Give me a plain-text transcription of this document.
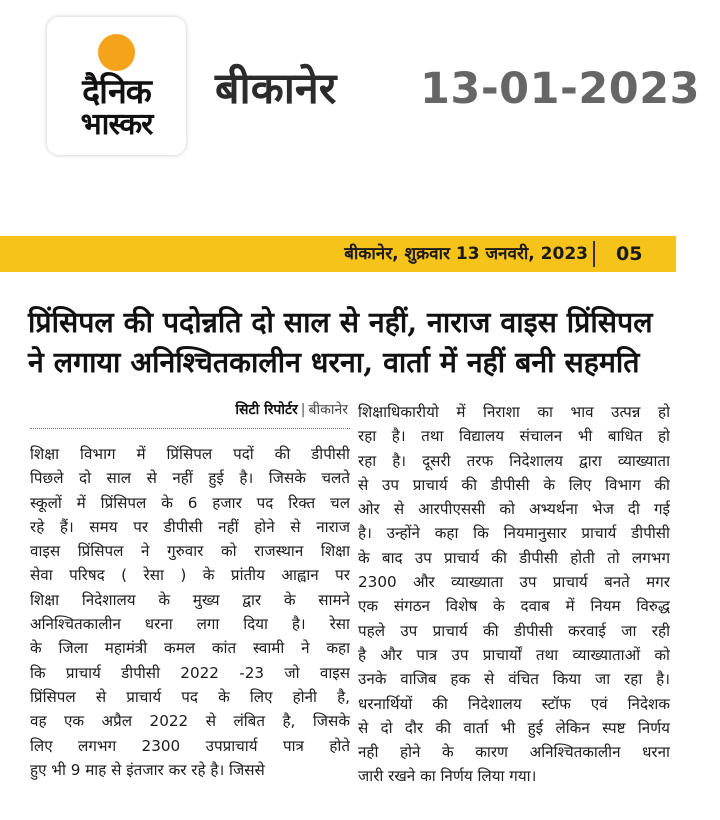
दैनिक
भास्कर
बीकानेर 13-01-2023
बीकानेर, शुक्रवार 13 जनवरी, 2023 05
प्रिंसिपल की पदोन्नति दो साल से नहीं, नाराज वाइस प्रिंसिपल
ने लगाया अनिश्चितकालीन धरना, वार्ता में नहीं बनी सहमति
सिटी रिपोर्टर | बीकानेर
शिक्षा विभाग में प्रिंसिपल पदों की डीपीसी
पिछले दो साल से नहीं हुई है। जिसके चलते
स्कूलों में प्रिंसिपल के 6 हजार पद रिक्त चल
रहे हैं। समय पर डीपीसी नहीं होने से नाराज
वाइस प्रिंसिपल ने गुरुवार को राजस्थान शिक्षा
सेवा परिषद ( रेसा ) के प्रांतीय आह्वान पर
शिक्षा निदेशालय के मुख्य द्वार के सामने
अनिश्चितकालीन धरना लगा दिया है। रेसा
के जिला महामंत्री कमल कांत स्वामी ने कहा
कि प्राचार्य डीपीसी 2022 -23 जो वाइस
प्रिंसिपल से प्राचार्य पद के लिए होनी है,
वह एक अप्रैल 2022 से लंबित है, जिसके
लिए लगभग 2300 उपप्राचार्य पात्र होते
हुए भी 9 माह से इंतजार कर रहे है। जिससे
शिक्षाधिकारीयो में निराशा का भाव उत्पन्न हो
रहा है। तथा विद्यालय संचालन भी बाधित हो
रहा है। दूसरी तरफ निदेशालय द्वारा व्याख्याता
से उप प्राचार्य की डीपीसी के लिए विभाग की
ओर से आरपीएससी को अभ्यर्थना भेज दी गई
है। उन्होंने कहा कि नियमानुसार प्राचार्य डीपीसी
के बाद उप प्राचार्य की डीपीसी होती तो लगभग
2300 और व्याख्याता उप प्राचार्य बनते मगर
एक संगठन विशेष के दवाब में नियम विरुद्ध
पहले उप प्राचार्य की डीपीसी करवाई जा रही
है और पात्र उप प्राचार्यों तथा व्याख्याताओं को
उनके वाजिब हक से वंचित किया जा रहा है।
धरनार्थियों की निदेशालय स्टॉफ एवं निदेशक
से दो दौर की वार्ता भी हुई लेकिन स्पष्ट निर्णय
नही होने के कारण अनिश्चितकालीन धरना
जारी रखने का निर्णय लिया गया।
